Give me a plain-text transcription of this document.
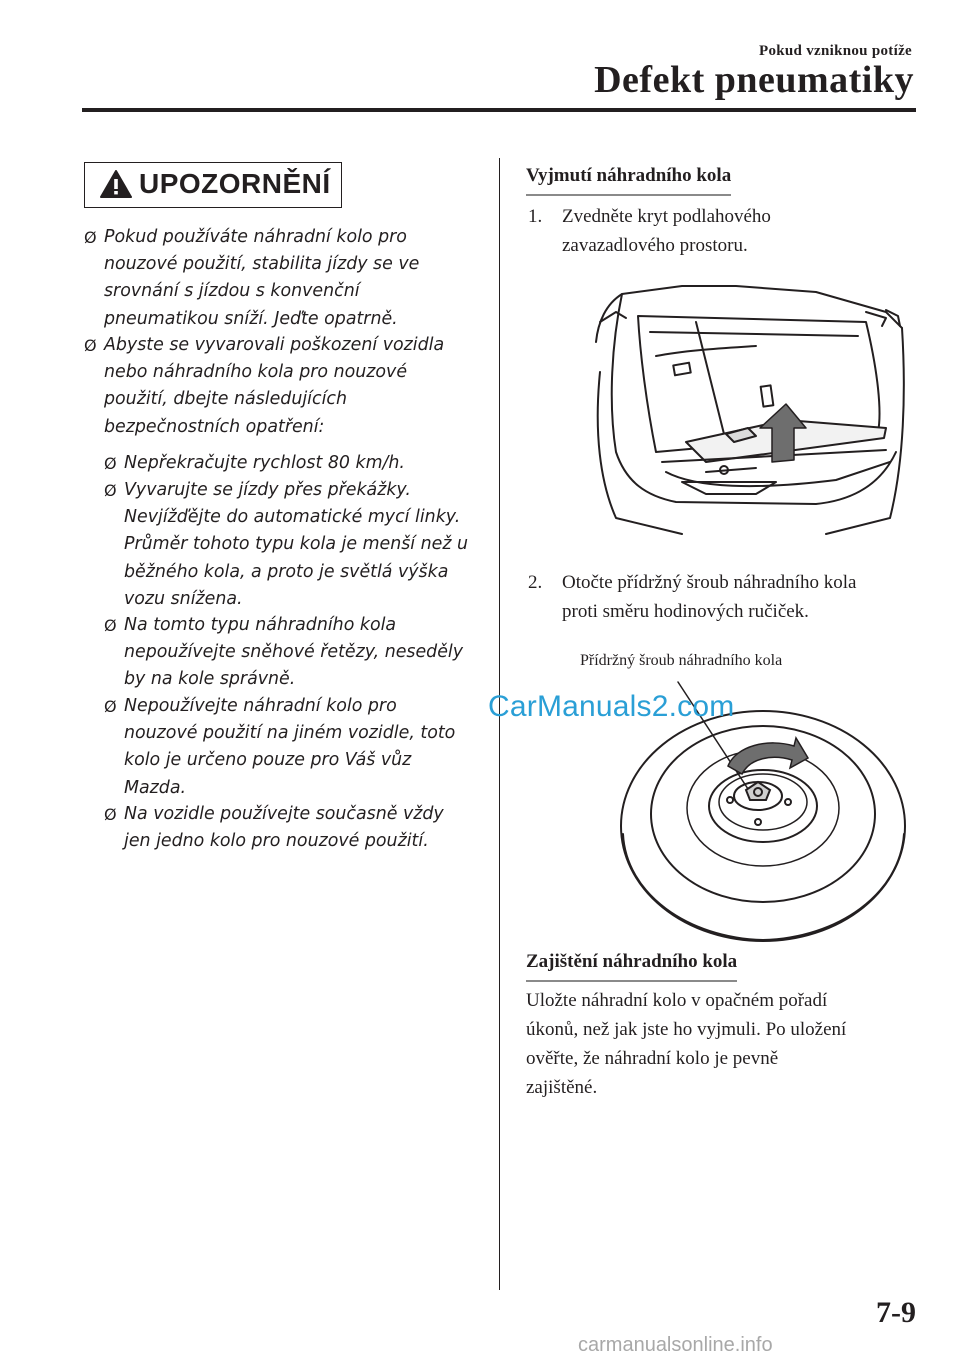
Pokud vzniknou potíže
Defekt pneumatiky
UPOZORNĚNÍ
Ø Pokud používáte náhradní kolo pro
nouzové použití, stabilita jízdy se ve
srovnání s jízdou s konvenční
pneumatikou sníží. Jeďte opatrně.
Ø Abyste se vyvarovali poškození vozidla
nebo náhradního kola pro nouzové
použití, dbejte následujících
bezpečnostních opatření:
Ø Nepřekračujte rychlost 80 km/h.
Ø Vyvarujte se jízdy přes překážky.
Nevjížďějte do automatické mycí linky.
Průměr tohoto typu kola je menší než u
běžného kola, a proto je světlá výška
vozu snížena.
Ø Na tomto typu náhradního kola
nepoužívejte sněhové řetězy, neseděly
by na kole správně.
Ø Nepoužívejte náhradní kolo pro
nouzové použití na jiném vozidle, toto
kolo je určeno pouze pro Váš vůz
Mazda.
Ø Na vozidle používejte současně vždy
jen jedno kolo pro nouzové použití.
Vyjmutí náhradního kola
1. Zvedněte kryt podlahového
zavazadlového prostoru.
2. Otočte přídržný šroub náhradního kola
proti směru hodinových ručiček.
Přídržný šroub náhradního kola
CarManuals2.com
Zajištění náhradního kola
Uložte náhradní kolo v opačném pořadí
úkonů, než jak jste ho vyjmuli. Po uložení
ověřte, že náhradní kolo je pevně
zajištěné.
7-9
carmanualsonline.info
